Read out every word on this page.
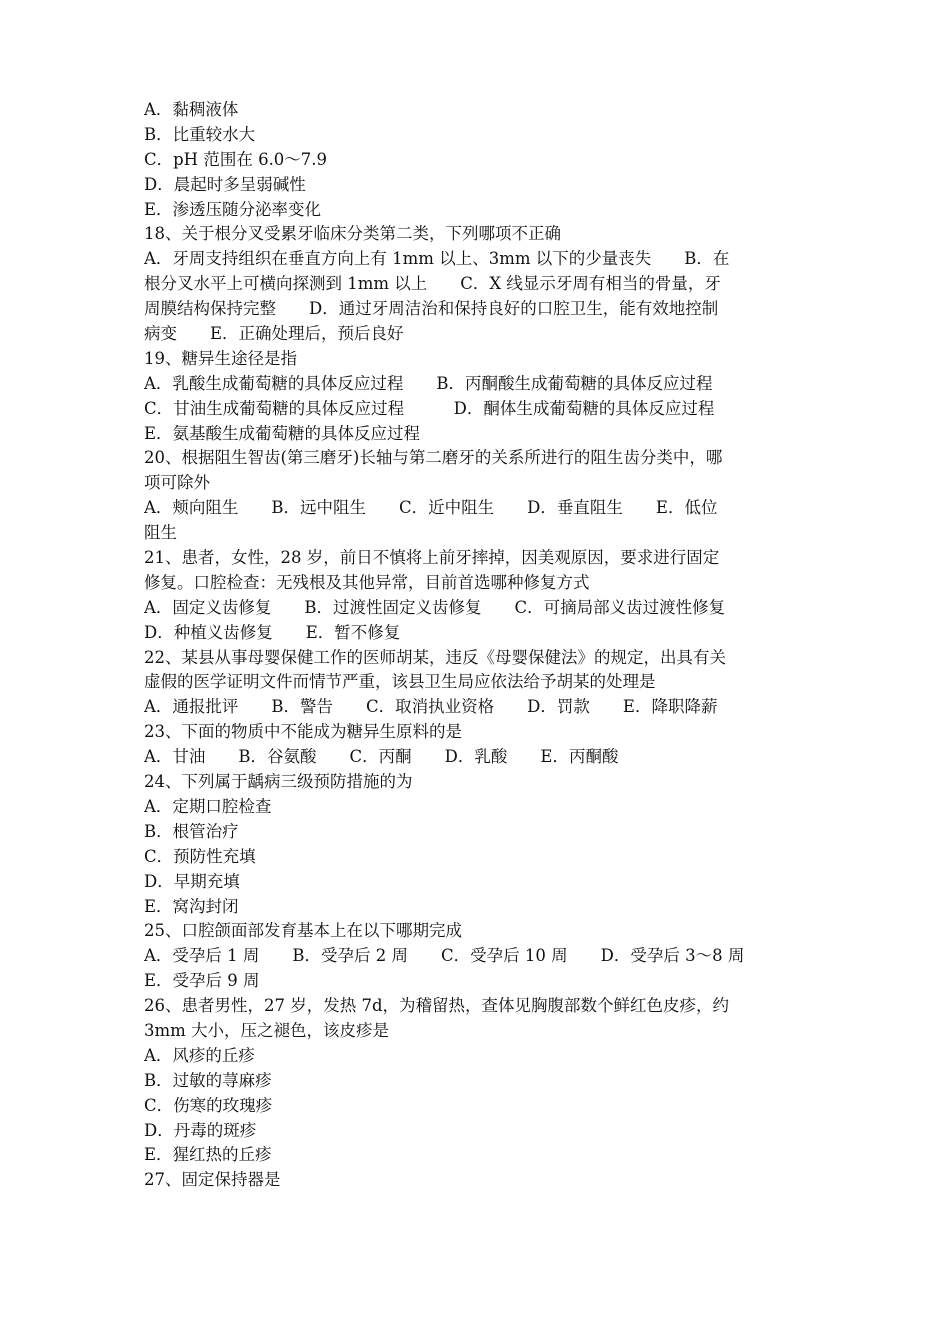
A．黏稠液体
B．比重较水大
C．pH 范围在 6.0～7.9
D．晨起时多呈弱碱性
E．渗透压随分泌率变化
18、关于根分叉受累牙临床分类第二类，下列哪项不正确
A．牙周支持组织在垂直方向上有 1mm 以上、3mm 以下的少量丧失　　B．在
根分叉水平上可横向探测到 1mm 以上　　C．X 线显示牙周有相当的骨量，牙
周膜结构保持完整　　D．通过牙周洁治和保持良好的口腔卫生，能有效地控制
病变　　E．正确处理后，预后良好
19、糖异生途径是指
A．乳酸生成葡萄糖的具体反应过程　　B．丙酮酸生成葡萄糖的具体反应过程
C．甘油生成葡萄糖的具体反应过程　　　D．酮体生成葡萄糖的具体反应过程
E．氨基酸生成葡萄糖的具体反应过程
20、根据阻生智齿(第三磨牙)长轴与第二磨牙的关系所进行的阻生齿分类中，哪
项可除外
A．颊向阻生　　B．远中阻生　　C．近中阻生　　D．垂直阻生　　E．低位
阻生
21、患者，女性，28 岁，前日不慎将上前牙摔掉，因美观原因，要求进行固定
修复。口腔检查：无残根及其他异常，目前首选哪种修复方式
A．固定义齿修复　　B．过渡性固定义齿修复　　C．可摘局部义齿过渡性修复
D．种植义齿修复　　E．暂不修复
22、某县从事母婴保健工作的医师胡某，违反《母婴保健法》的规定，出具有关
虚假的医学证明文件而情节严重，该县卫生局应依法给予胡某的处理是
A．通报批评　　B．警告　　C．取消执业资格　　D．罚款　　E．降职降薪
23、下面的物质中不能成为糖异生原料的是
A．甘油　　B．谷氨酸　　C．丙酮　　D．乳酸　　E．丙酮酸
24、下列属于龋病三级预防措施的为
A．定期口腔检查
B．根管治疗
C．预防性充填
D．早期充填
E．窝沟封闭
25、口腔颌面部发育基本上在以下哪期完成
A．受孕后 1 周　　B．受孕后 2 周　　C．受孕后 10 周　　D．受孕后 3～8 周
E．受孕后 9 周
26、患者男性，27 岁，发热 7d，为稽留热，查体见胸腹部数个鲜红色皮疹，约
3mm 大小，压之褪色，该皮疹是
A．风疹的丘疹
B．过敏的荨麻疹
C．伤寒的玫瑰疹
D．丹毒的斑疹
E．猩红热的丘疹
27、固定保持器是
